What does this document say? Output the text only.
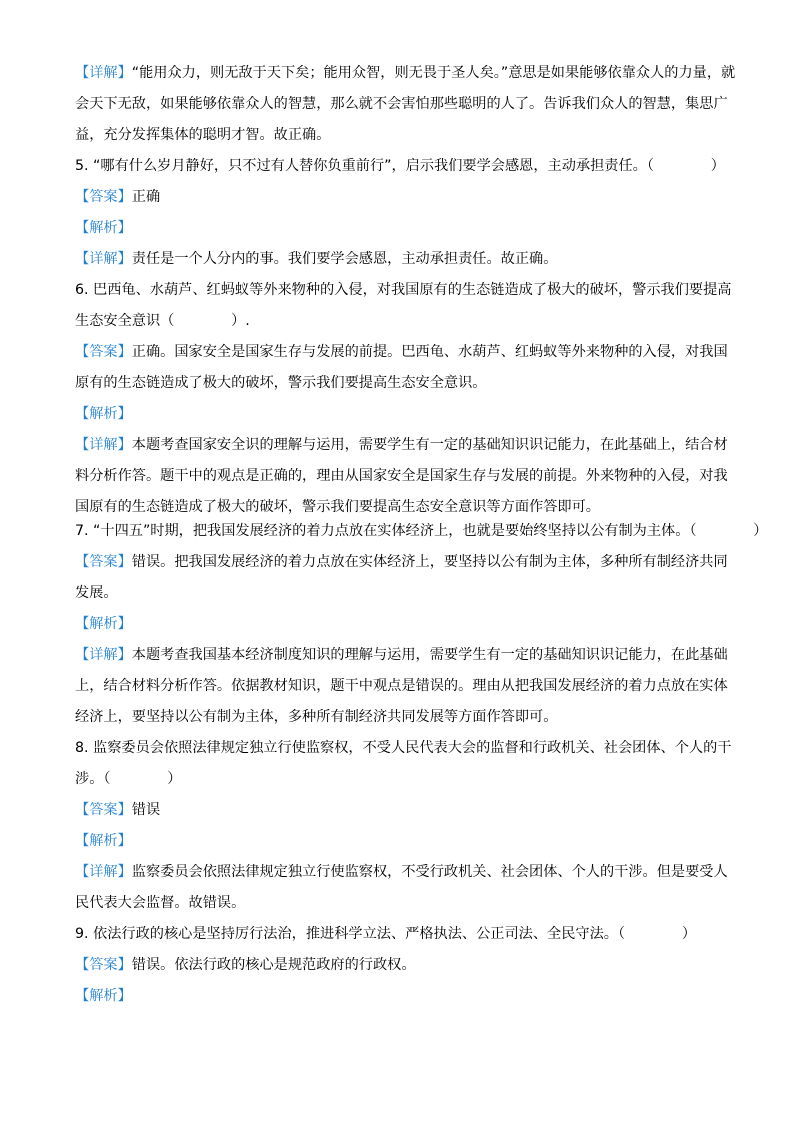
【详解】“能用众力，则无敌于天下矣；能用众智，则无畏于圣人矣。”意思是如果能够依靠众人的力量，就

会天下无敌，如果能够依靠众人的智慧，那么就不会害怕那些聪明的人了。告诉我们众人的智慧，集思广

益，充分发挥集体的聪明才智。故正确。

5. “哪有什么岁月静好，只不过有人替你负重前行”，启示我们要学会感恩，主动承担责任。（　　　　）

【答案】正确

【解析】

【详解】责任是一个人分内的事。我们要学会感恩，主动承担责任。故正确。

6. 巴西龟、水葫芦、红蚂蚁等外来物种的入侵，对我国原有的生态链造成了极大的破坏，警示我们要提高

生态安全意识（　　　　）.

【答案】正确。国家安全是国家生存与发展的前提。巴西龟、水葫芦、红蚂蚁等外来物种的入侵，对我国

原有的生态链造成了极大的破坏，警示我们要提高生态安全意识。

【解析】

【详解】本题考查国家安全识的理解与运用，需要学生有一定的基础知识识记能力，在此基础上，结合材

料分析作答。题干中的观点是正确的，理由从国家安全是国家生存与发展的前提。外来物种的入侵，对我

国原有的生态链造成了极大的破坏，警示我们要提高生态安全意识等方面作答即可。

7. “十四五”时期，把我国发展经济的着力点放在实体经济上，也就是要始终坚持以公有制为主体。（　　　　）

【答案】错误。把我国发展经济的着力点放在实体经济上，要坚持以公有制为主体，多种所有制经济共同

发展。

【解析】

【详解】本题考查我国基本经济制度知识的理解与运用，需要学生有一定的基础知识识记能力，在此基础

上，结合材料分析作答。依据教材知识，题干中观点是错误的。理由从把我国发展经济的着力点放在实体

经济上，要坚持以公有制为主体，多种所有制经济共同发展等方面作答即可。

8. 监察委员会依照法律规定独立行使监察权，不受人民代表大会的监督和行政机关、社会团体、个人的干

涉。（　　　　）

【答案】错误

【解析】

【详解】监察委员会依照法律规定独立行使监察权，不受行政机关、社会团体、个人的干涉。但是要受人

民代表大会监督。故错误。

9. 依法行政的核心是坚持厉行法治，推进科学立法、严格执法、公正司法、全民守法。（　　　　）

【答案】错误。依法行政的核心是规范政府的行政权。

【解析】
